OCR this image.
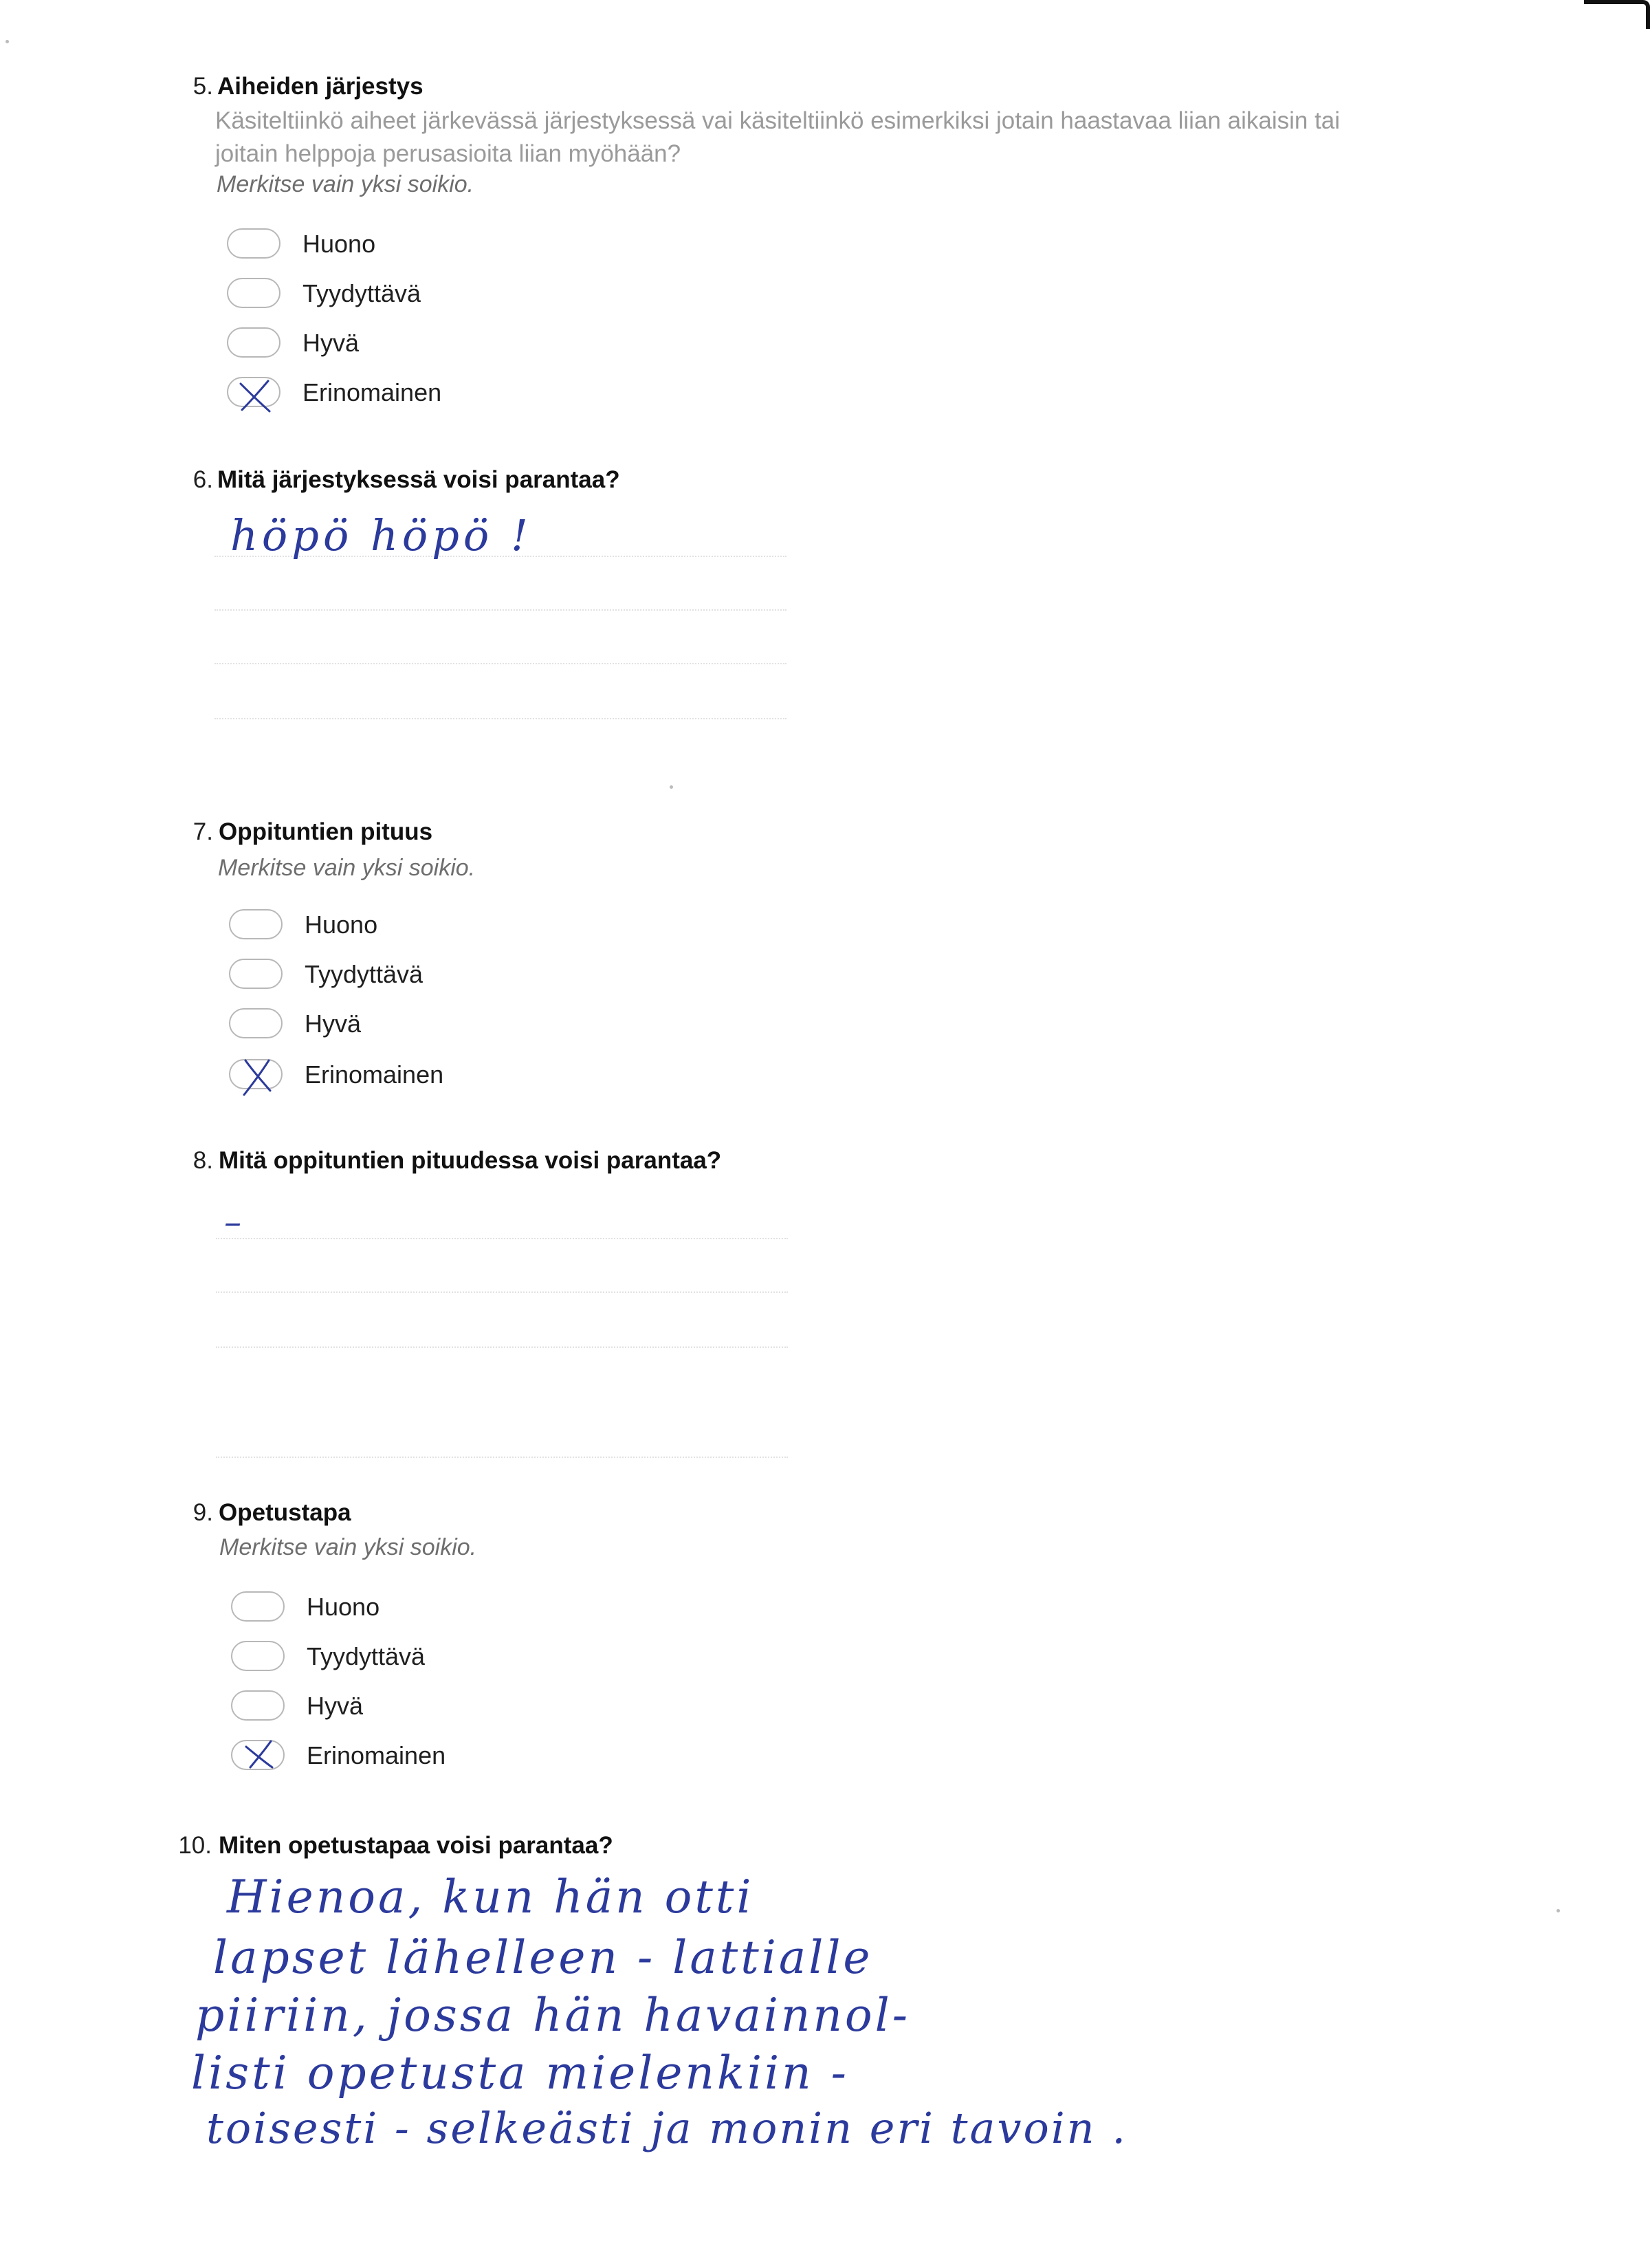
5. Aiheiden järjestys
Käsiteltiinkö aiheet järkevässä järjestyksessä vai käsiteltiinkö esimerkiksi jotain haastavaa liian aikaisin tai joitain helppoja perusasioita liian myöhään?
Merkitse vain yksi soikio.
Huono
Tyydyttävä
Hyvä
Erinomainen
6. Mitä järjestyksessä voisi parantaa?
höpö höpö !
7. Oppituntien pituus
Merkitse vain yksi soikio.
Huono
Tyydyttävä
Hyvä
Erinomainen
8. Mitä oppituntien pituudessa voisi parantaa?
–
9. Opetustapa
Merkitse vain yksi soikio.
Huono
Tyydyttävä
Hyvä
Erinomainen
10. Miten opetustapaa voisi parantaa?
Hienoa, kun hän otti
lapset lähelleen - lattialle
piiriin, jossa hän havainnol-
listi opetusta mielenkiin -
toisesti - selkeästi ja monin eri tavoin .
